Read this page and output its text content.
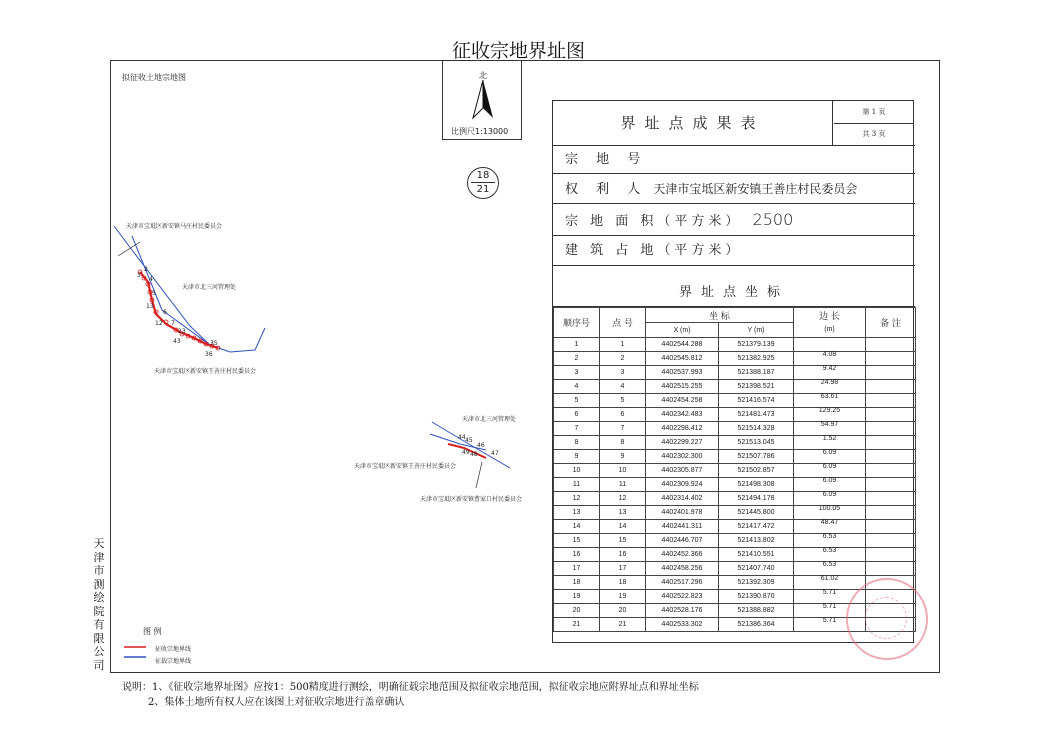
征收宗地界址图
拟征收土地宗地图	北
比例尺1:13000
18
21
天津市宝坻区新安镇马庄村民委员会
天津市北三河管理处
天津市宝坻区新安镇王善庄村民委员会
天津市北三河管理处
天津市宝坻区新安镇王善庄村民委员会
天津市宝坻区新安镇曹家口村民委员会
2
3
4
5
6
7
12
13
23
35
36
43
44 45
46
47
48
49
图 例
征收宗地界线
征载宗地界线
天
津
市
测
绘
院
有
限
公
司
说明：1、《征收宗地界址图》应按1：500精度进行测绘，明确征载宗地范围及拟征收宗地范围，拟征收宗地应附界址点和界址坐标
2、集体土地所有权人应在该图上对征收宗地进行盖章确认
界址点成果表
第 1 页
共 3 页
宗 地 号
权 利 人 天津市宝坻区新安镇王善庄村民委员会
宗 地 面 积（平方米） 2500
建 筑 占 地（平方米）
界址点坐标
顺序号	点 号	坐 标		边 长	备 注
		X (m)	Y (m)	(m)	
1	1	4402544.288	521379.139		
2	2	4402545.812	521382.925	4.08	
3	3	4402537.993	521388.187	9.42	
4	4	4402515.255	521398.521	24.98	
5	5	4402454.258	521416.574	63.61	
6	6	4402342.483	521481.473	129.25	
7	7	4402298.412	521514.328	54.97	
8	8	4402299.227	521513.045	1.52	
9	9	4402302.300	521507.786	6.09	
10	10	4402305.877	521502.857	6.09	
11	11	4402309.924	521498.308	6.09	
12	12	4402314.402	521494.178	6.09	
13	13	4402401.978	521445.800	100.05	
14	14	4402441.311	521417.472	48.47	
15	15	4402446.707	521413.802	6.53	
16	16	4402452.366	521410.551	6.53	
17	17	4402458.256	521407.740	6.53	
18	18	4402517.296	521392.309	61.02	
19	19	4402522.823	521390.870	5.71	
20	20	4402528.176	521388.882	5.71	
21	21	4402533.302	521386.364	5.71	
